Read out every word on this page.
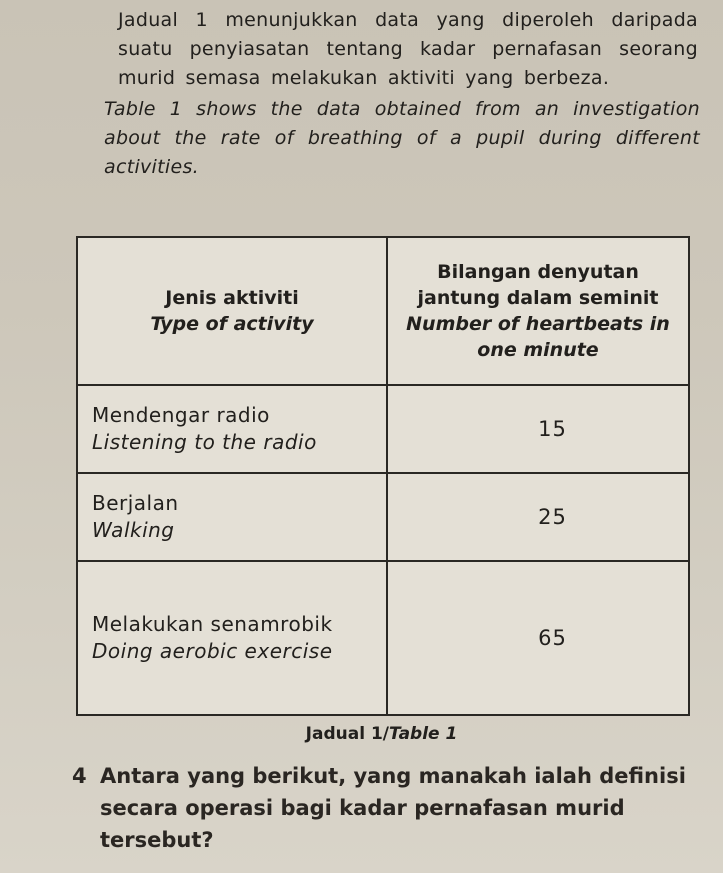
Jadual 1 menunjukkan data yang diperoleh daripada suatu penyiasatan tentang kadar pernafasan seorang murid semasa melakukan aktiviti yang berbeza.
Table 1 shows the data obtained from an investigation about the rate of breathing of a pupil during different activities.
Jenis aktiviti
Type of activity	Bilangan denyutan jantung dalam seminit
Number of heartbeats in one minute

Mendengar radio
Listening to the radio	15

Berjalan
Walking	25

Melakukan senamrobik
Doing aerobic exercise	65
Jadual 1/Table 1
4 Antara yang berikut, yang manakah ialah definisi secara operasi bagi kadar pernafasan murid tersebut?
